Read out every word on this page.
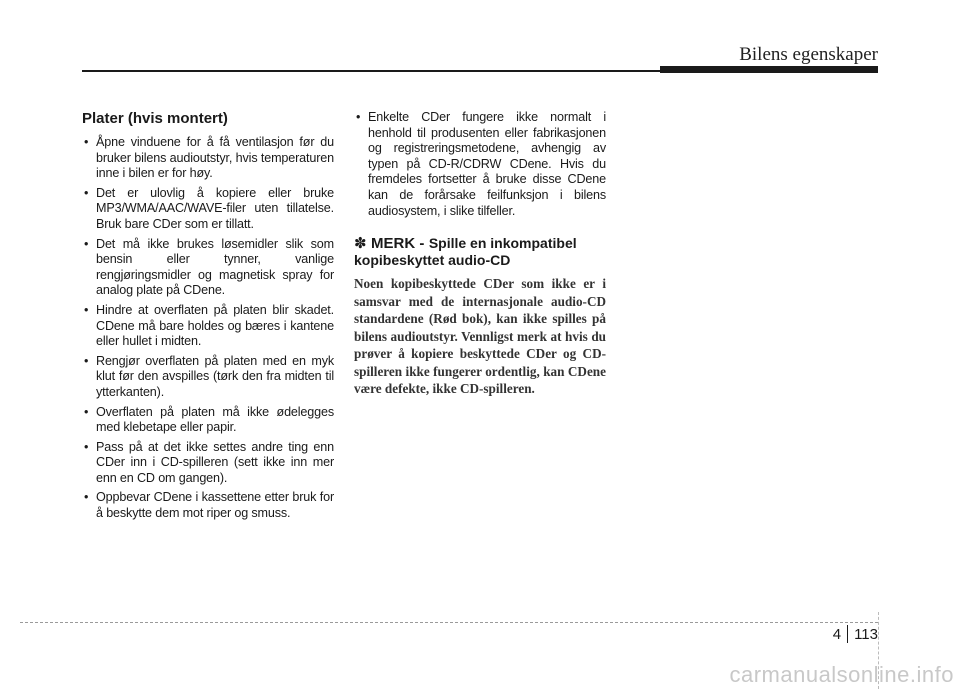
Bilens egenskaper
Plater (hvis montert)
• Åpne vinduene for å få ventilasjon før du bruker bilens audioutstyr, hvis temperaturen inne i bilen er for høy.
• Det er ulovlig å kopiere eller bruke MP3/WMA/AAC/WAVE-filer uten tillatelse. Bruk bare CDer som er tillatt.
• Det må ikke brukes løsemidler slik som bensin eller tynner, vanlige rengjøringsmidler og magnetisk spray for analog plate på CDene.
• Hindre at overflaten på platen blir skadet. CDene må bare holdes og bæres i kantene eller hullet i midten.
• Rengjør overflaten på platen med en myk klut før den avspilles (tørk den fra midten til ytterkanten).
• Overflaten på platen må ikke ødelegges med klebetape eller papir.
• Pass på at det ikke settes andre ting enn CDer inn i CD-spilleren (sett ikke inn mer enn en CD om gangen).
• Oppbevar CDene i kassettene etter bruk for å beskytte dem mot riper og smuss.
• Enkelte CDer fungere ikke normalt i henhold til produsenten eller fabrikasjonen og registreringsmetodene, avhengig av typen på CD-R/CDRW CDene. Hvis du fremdeles fortsetter å bruke disse CDene kan de forårsake feilfunksjon i bilens audiosystem, i slike tilfeller.
✽ MERK - Spille en inkompatibel kopibeskyttet audio-CD
Noen kopibeskyttede CDer som ikke er i samsvar med de internasjonale audio-CD standardene (Rød bok), kan ikke spilles på bilens audioutstyr. Vennligst merk at hvis du prøver å kopiere beskyttede CDer og CD-spilleren ikke fungerer ordentlig, kan CDene være defekte, ikke CD-spilleren.
4 113
carmanualsonline.info
